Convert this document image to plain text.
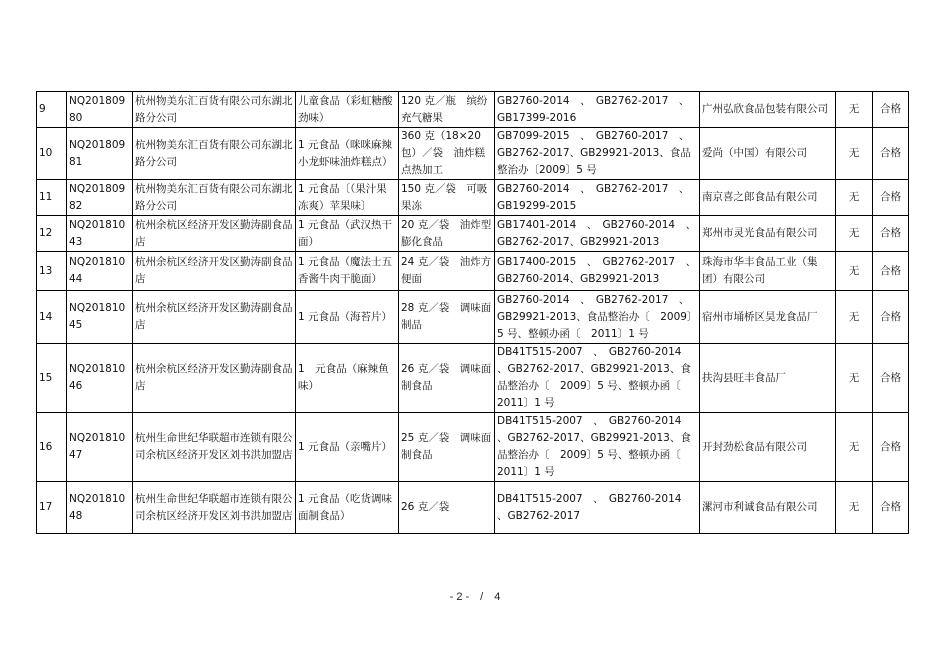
9	NQ20180980	杭州物美东汇百货有限公司东湖北路分公司	儿童食品（彩虹糖酸劲味）	120 克／瓶　缤纷充气糖果	GB2760-2014　、　GB2762-2017　、GB17399-2016	广州弘欣食品包装有限公司	无	合格
10	NQ20180981	杭州物美东汇百货有限公司东湖北路分公司	1 元食品（咪咪麻辣小龙虾味油炸糕点）	360 克（18×20 包）／袋　油炸糕点热加工	GB7099-2015　、　GB2760-2017　、GB2762-2017、GB29921-2013、食品整治办〔2009〕5 号	爱尚（中国）有限公司	无	合格
11	NQ20180982	杭州物美东汇百货有限公司东湖北路分公司	1 元食品〔（果汁果冻爽）苹果味〕	150 克／袋　可吸果冻	GB2760-2014　、　GB2762-2017　、GB19299-2015	南京喜之郎食品有限公司	无	合格
12	NQ20181043	杭州余杭区经济开发区勤涛副食品店	1 元食品（武汉热干面）	20 克／袋　油炸型膨化食品	GB17401-2014　、　GB2760-2014　、GB2762-2017、GB29921-2013	郑州市灵光食品有限公司	无	合格
13	NQ20181044	杭州余杭区经济开发区勤涛副食品店	1 元食品（魔法士五香酱牛肉干脆面）	24 克／袋　油炸方便面	GB17400-2015　、　GB2762-2017　、GB2760-2014、GB29921-2013	珠海市华丰食品工业（集团）有限公司	无	合格
14	NQ20181045	杭州余杭区经济开发区勤涛副食品店	1 元食品（海苔片）	28 克／袋　调味面制品	GB2760-2014　、　GB2762-2017　、GB29921-2013、食品整治办〔　2009〕5 号、整顿办函〔　2011〕1 号	宿州市埇桥区昊龙食品厂	无	合格
15	NQ20181046	杭州余杭区经济开发区勤涛副食品店	1　元食品（麻辣鱼味）	26 克／袋　调味面制食品	DB41T515-2007　、　GB2760-2014　、GB2762-2017、GB29921-2013、食品整治办〔　2009〕5 号、整顿办函〔　2011〕1 号	扶沟县旺丰食品厂	无	合格
16	NQ20181047	杭州生命世纪华联超市连锁有限公司余杭区经济开发区刘书洪加盟店	1 元食品（亲嘴片）	25 克／袋　调味面制食品	DB41T515-2007　、　GB2760-2014　、GB2762-2017、GB29921-2013、食品整治办〔　2009〕5 号、整顿办函〔　2011〕1 号	开封劲松食品有限公司	无	合格
17	NQ20181048	杭州生命世纪华联超市连锁有限公司余杭区经济开发区刘书洪加盟店	1 元食品（吃货调味面制食品）	26 克／袋	DB41T515-2007　、　GB2760-2014　、GB2762-2017	漯河市利诚食品有限公司	无	合格
- 2 -　/　4
